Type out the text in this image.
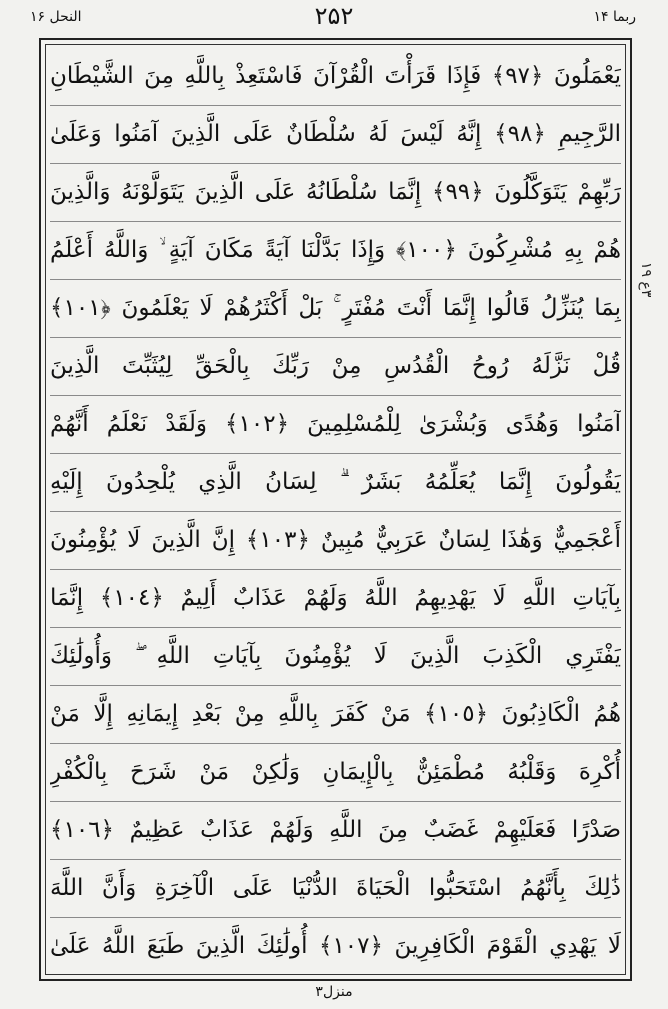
۲۵۲	ربما ۱۴
النحل ۱۶
۳ع ۱۹
يَعْمَلُونَ ﴿٩٧﴾ فَإِذَا قَرَأْتَ الْقُرْآنَ فَاسْتَعِذْ بِاللَّهِ مِنَ الشَّيْطَانِ
الرَّجِيمِ ﴿٩٨﴾ إِنَّهُ لَيْسَ لَهُ سُلْطَانٌ عَلَى الَّذِينَ آمَنُوا وَعَلَىٰ
رَبِّهِمْ يَتَوَكَّلُونَ ﴿٩٩﴾ إِنَّمَا سُلْطَانُهُ عَلَى الَّذِينَ يَتَوَلَّوْنَهُ وَالَّذِينَ
هُمْ بِهِ مُشْرِكُونَ ﴿١٠٠﴾ وَإِذَا بَدَّلْنَا آيَةً مَكَانَ آيَةٍ ۙ وَاللَّهُ أَعْلَمُ
بِمَا يُنَزِّلُ قَالُوا إِنَّمَا أَنْتَ مُفْتَرٍ ۚ بَلْ أَكْثَرُهُمْ لَا يَعْلَمُونَ ﴿١٠١﴾
قُلْ نَزَّلَهُ رُوحُ الْقُدُسِ مِنْ رَبِّكَ بِالْحَقِّ لِيُثَبِّتَ الَّذِينَ
آمَنُوا وَهُدًى وَبُشْرَىٰ لِلْمُسْلِمِينَ ﴿١٠٢﴾ وَلَقَدْ نَعْلَمُ أَنَّهُمْ
يَقُولُونَ إِنَّمَا يُعَلِّمُهُ بَشَرٌ ۗ لِسَانُ الَّذِي يُلْحِدُونَ إِلَيْهِ
أَعْجَمِيٌّ وَهَٰذَا لِسَانٌ عَرَبِيٌّ مُبِينٌ ﴿١٠٣﴾ إِنَّ الَّذِينَ لَا يُؤْمِنُونَ
بِآيَاتِ اللَّهِ لَا يَهْدِيهِمُ اللَّهُ وَلَهُمْ عَذَابٌ أَلِيمٌ ﴿١٠٤﴾ إِنَّمَا
يَفْتَرِي الْكَذِبَ الَّذِينَ لَا يُؤْمِنُونَ بِآيَاتِ اللَّهِ ۖ وَأُولَٰئِكَ
هُمُ الْكَاذِبُونَ ﴿١٠٥﴾ مَنْ كَفَرَ بِاللَّهِ مِنْ بَعْدِ إِيمَانِهِ إِلَّا مَنْ
أُكْرِهَ وَقَلْبُهُ مُطْمَئِنٌّ بِالْإِيمَانِ وَلَٰكِنْ مَنْ شَرَحَ بِالْكُفْرِ
صَدْرًا فَعَلَيْهِمْ غَضَبٌ مِنَ اللَّهِ وَلَهُمْ عَذَابٌ عَظِيمٌ ﴿١٠٦﴾
ذَٰلِكَ بِأَنَّهُمُ اسْتَحَبُّوا الْحَيَاةَ الدُّنْيَا عَلَى الْآخِرَةِ وَأَنَّ اللَّهَ
لَا يَهْدِي الْقَوْمَ الْكَافِرِينَ ﴿١٠٧﴾ أُولَٰئِكَ الَّذِينَ طَبَعَ اللَّهُ عَلَىٰ
منزل۳
